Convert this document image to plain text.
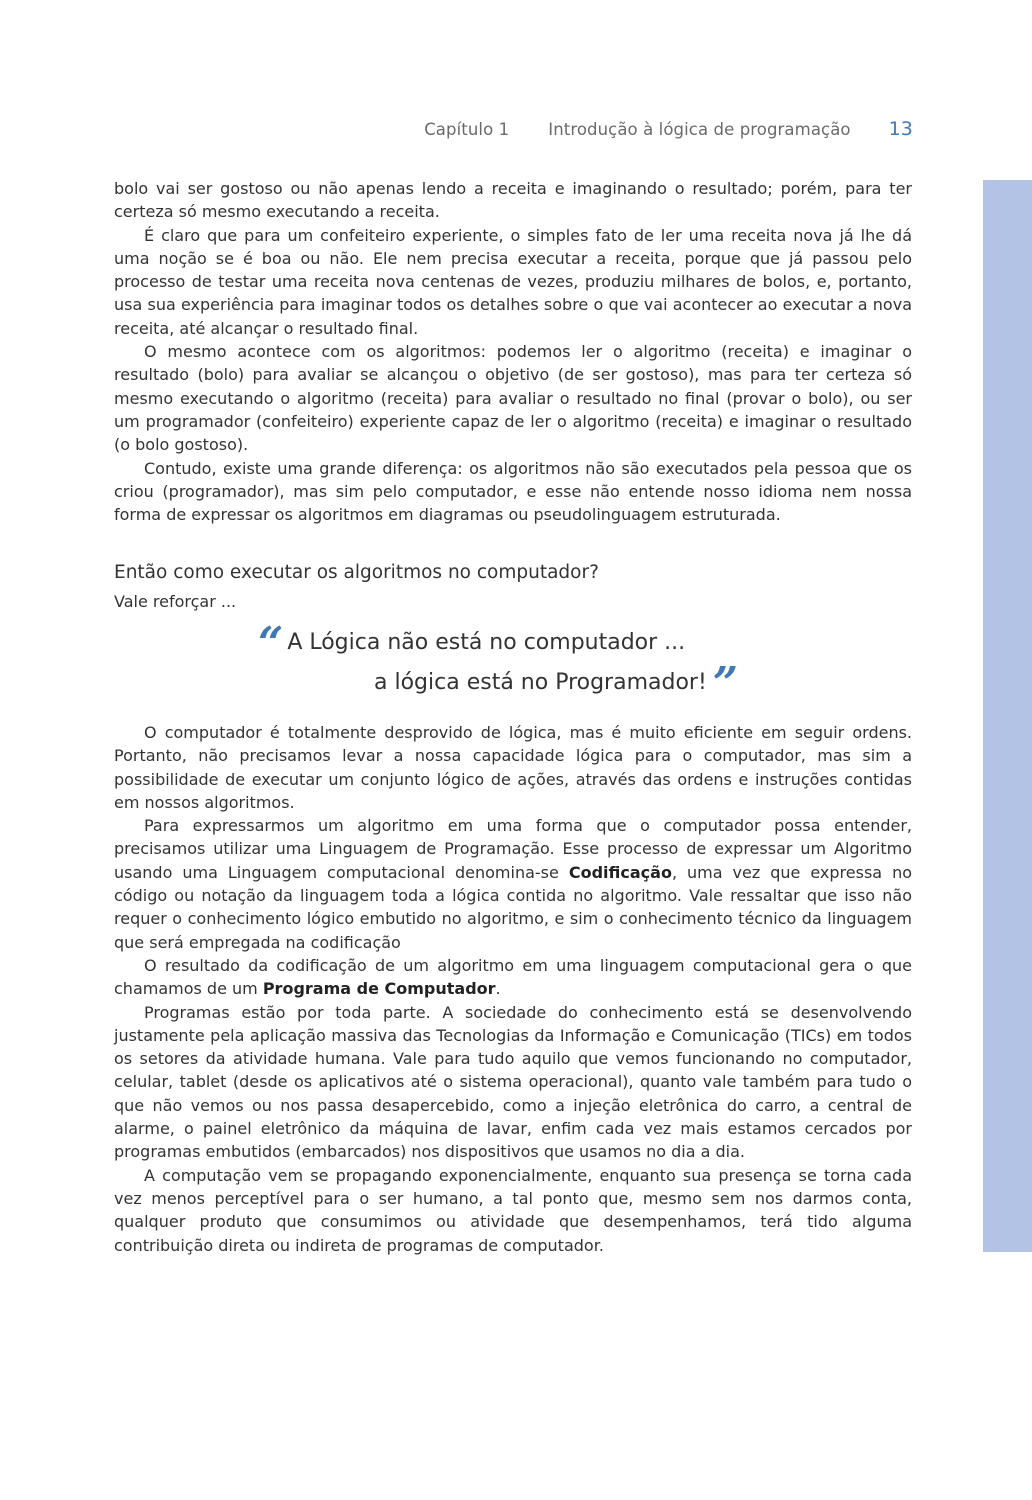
Capítulo 1 Introdução à lógica de programação 13

bolo vai ser gostoso ou não apenas lendo a receita e imaginando o resultado; porém, para ter certeza só mesmo executando a receita.

É claro que para um confeiteiro experiente, o simples fato de ler uma receita nova já lhe dá uma noção se é boa ou não. Ele nem precisa executar a receita, porque que já passou pelo processo de testar uma receita nova centenas de vezes, produziu milhares de bolos, e, portanto, usa sua experiência para imaginar todos os detalhes sobre o que vai acontecer ao executar a nova receita, até alcançar o resultado final.

O mesmo acontece com os algoritmos: podemos ler o algoritmo (receita) e imaginar o resultado (bolo) para avaliar se alcançou o objetivo (de ser gostoso), mas para ter certeza só mesmo executando o algoritmo (receita) para avaliar o resultado no final (provar o bolo), ou ser um programador (confeiteiro) experiente capaz de ler o algoritmo (receita) e imaginar o resultado (o bolo gostoso).

Contudo, existe uma grande diferença: os algoritmos não são executados pela pessoa que os criou (programador), mas sim pelo computador, e esse não entende nosso idioma nem nossa forma de expressar os algoritmos em diagramas ou pseudolinguagem estruturada.

Então como executar os algoritmos no computador?
Vale reforçar ...
“ A Lógica não está no computador ...
a lógica está no Programador! ”

O computador é totalmente desprovido de lógica, mas é muito eficiente em seguir ordens. Portanto, não precisamos levar a nossa capacidade lógica para o computador, mas sim a possibilidade de executar um conjunto lógico de ações, através das ordens e instruções contidas em nossos algoritmos.

Para expressarmos um algoritmo em uma forma que o computador possa entender, precisamos utilizar uma Linguagem de Programação. Esse processo de expressar um Algoritmo usando uma Linguagem computacional denomina-se Codificação, uma vez que expressa no código ou notação da linguagem toda a lógica contida no algoritmo. Vale ressaltar que isso não requer o conhecimento lógico embutido no algoritmo, e sim o conhecimento técnico da linguagem que será empregada na codificação

O resultado da codificação de um algoritmo em uma linguagem computacional gera o que chamamos de um Programa de Computador.

Programas estão por toda parte. A sociedade do conhecimento está se desenvolvendo justamente pela aplicação massiva das Tecnologias da Informação e Comunicação (TICs) em todos os setores da atividade humana. Vale para tudo aquilo que vemos funcionando no computador, celular, tablet (desde os aplicativos até o sistema operacional), quanto vale também para tudo o que não vemos ou nos passa desapercebido, como a injeção eletrônica do carro, a central de alarme, o painel eletrônico da máquina de lavar, enfim cada vez mais estamos cercados por programas embutidos (embarcados) nos dispositivos que usamos no dia a dia.

A computação vem se propagando exponencialmente, enquanto sua presença se torna cada vez menos perceptível para o ser humano, a tal ponto que, mesmo sem nos darmos conta, qualquer produto que consumimos ou atividade que desempenhamos, terá tido alguma contribuição direta ou indireta de programas de computador.
